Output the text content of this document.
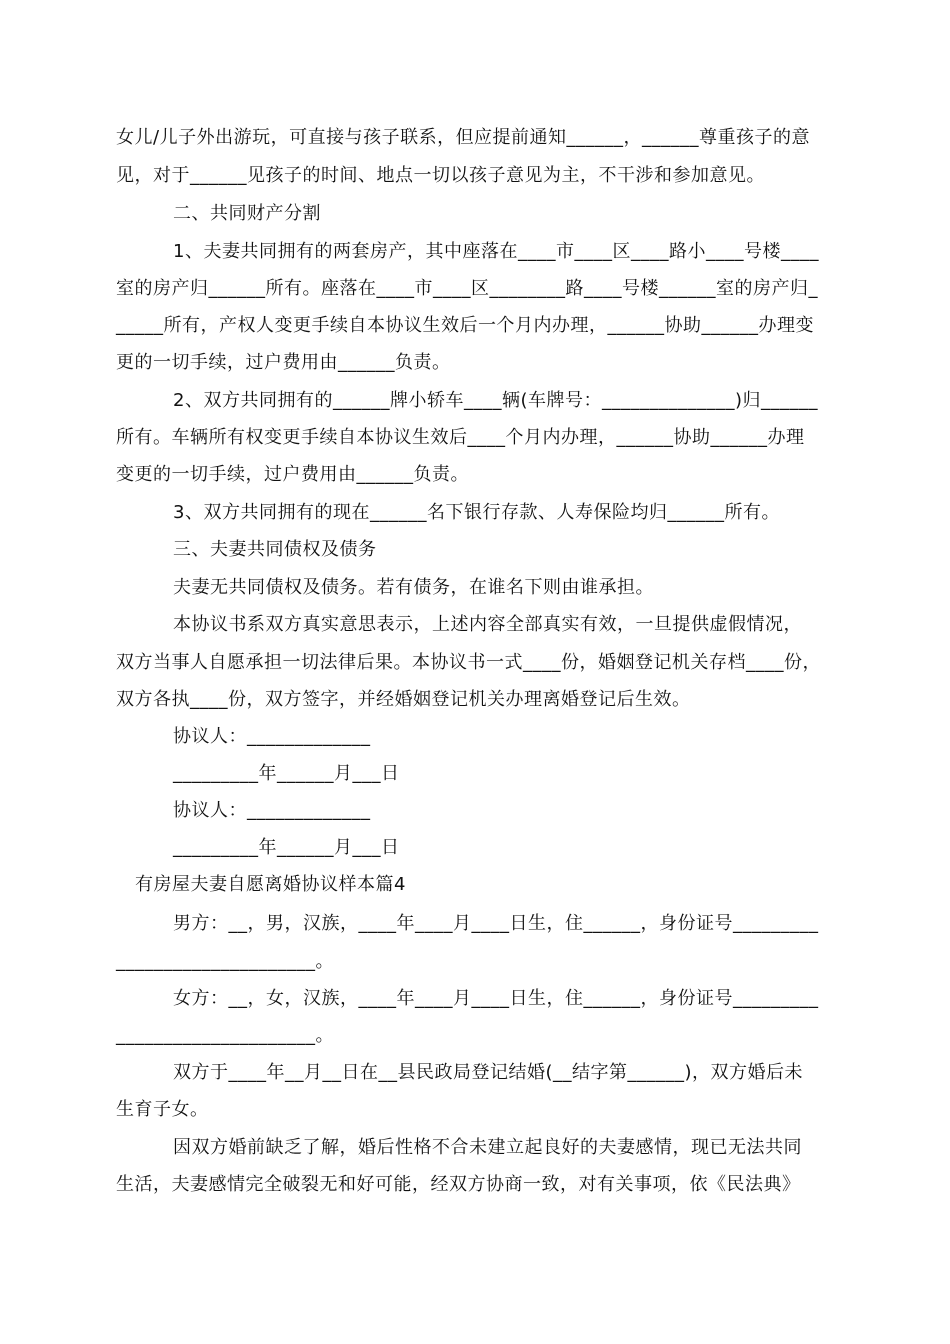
女儿/儿子外出游玩，可直接与孩子联系，但应提前通知______，______尊重孩子的意
见，对于______见孩子的时间、地点一切以孩子意见为主，不干涉和参加意见。
二、共同财产分割
1、夫妻共同拥有的两套房产，其中座落在____市____区____路小____号楼____
室的房产归______所有。座落在____市____区________路____号楼______室的房产归_
_____所有，产权人变更手续自本协议生效后一个月内办理，______协助______办理变
更的一切手续，过户费用由______负责。
2、双方共同拥有的______牌小轿车____辆(车牌号：______________)归______
所有。车辆所有权变更手续自本协议生效后____个月内办理，______协助______办理
变更的一切手续，过户费用由______负责。
3、双方共同拥有的现在______名下银行存款、人寿保险均归______所有。
三、夫妻共同债权及债务
夫妻无共同债权及债务。若有债务，在谁名下则由谁承担。
本协议书系双方真实意思表示，上述内容全部真实有效，一旦提供虚假情况，
双方当事人自愿承担一切法律后果。本协议书一式____份，婚姻登记机关存档____份，
双方各执____份，双方签字，并经婚姻登记机关办理离婚登记后生效。
协议人：_____________
_________年______月___日
协议人：_____________
_________年______月___日
有房屋夫妻自愿离婚协议样本篇4
男方：__，男，汉族，____年____月____日生，住______，身份证号_________
_____________________。
女方：__，女，汉族，____年____月____日生，住______，身份证号_________
_____________________。
双方于____年__月__日在__县民政局登记结婚(__结字第______)，双方婚后未
生育子女。
因双方婚前缺乏了解，婚后性格不合未建立起良好的夫妻感情，现已无法共同
生活，夫妻感情完全破裂无和好可能，经双方协商一致，对有关事项，依《民法典》
